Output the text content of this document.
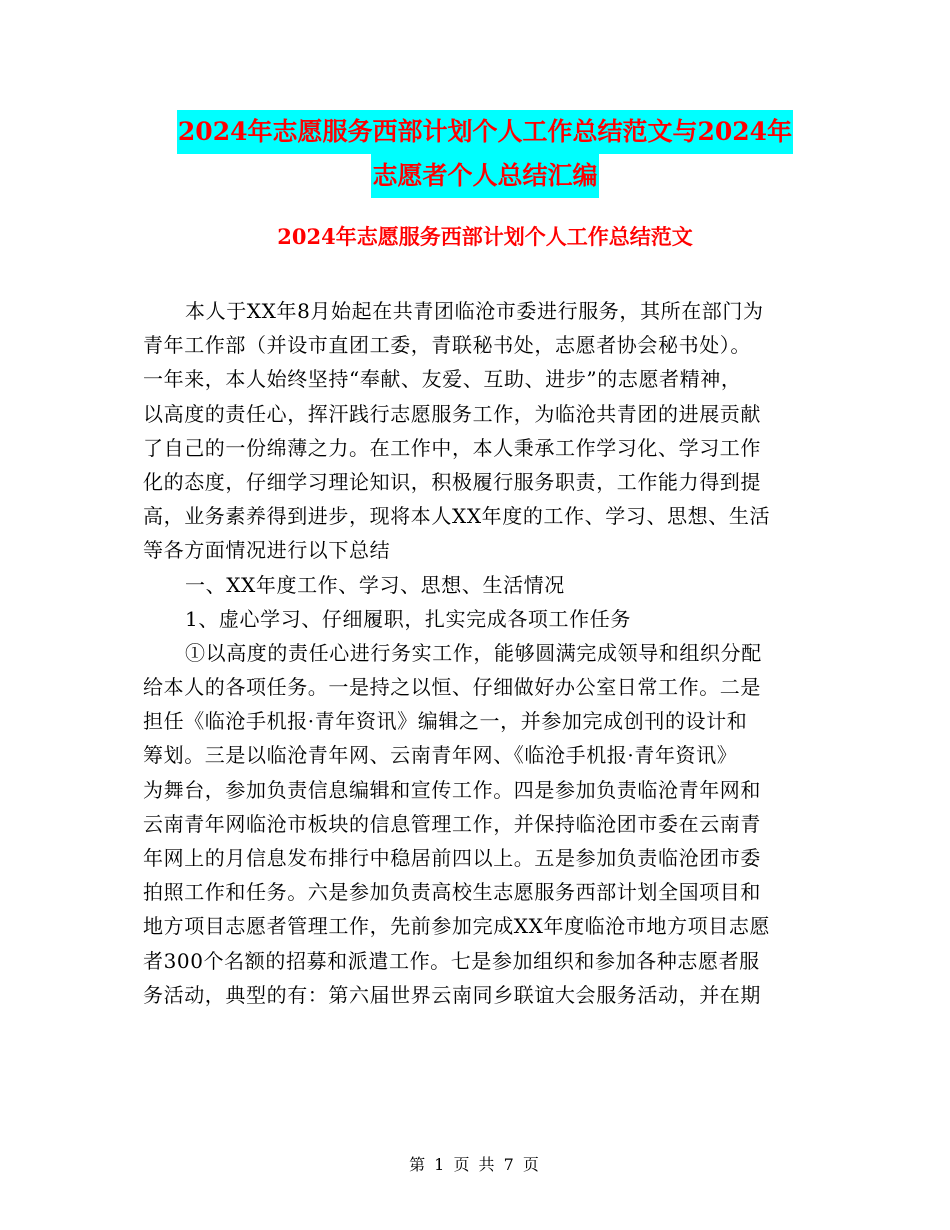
2024年志愿服务西部计划个人工作总结范文与2024年
志愿者个人总结汇编
2024年志愿服务西部计划个人工作总结范文
本人于XX年8月始起在共青团临沧市委进行服务，其所在部门为
青年工作部（并设市直团工委，青联秘书处，志愿者协会秘书处）。
一年来，本人始终坚持“奉献、友爱、互助、进步”的志愿者精神，
以高度的责任心，挥汗践行志愿服务工作，为临沧共青团的进展贡献
了自己的一份绵薄之力。在工作中，本人秉承工作学习化、学习工作
化的态度，仔细学习理论知识，积极履行服务职责，工作能力得到提
高，业务素养得到进步，现将本人XX年度的工作、学习、思想、生活
等各方面情况进行以下总结
一、XX年度工作、学习、思想、生活情况
1、虚心学习、仔细履职，扎实完成各项工作任务
①以高度的责任心进行务实工作，能够圆满完成领导和组织分配
给本人的各项任务。一是持之以恒、仔细做好办公室日常工作。二是
担任《临沧手机报·青年资讯》编辑之一，并参加完成创刊的设计和
筹划。三是以临沧青年网、云南青年网、《临沧手机报·青年资讯》
为舞台，参加负责信息编辑和宣传工作。四是参加负责临沧青年网和
云南青年网临沧市板块的信息管理工作，并保持临沧团市委在云南青
年网上的月信息发布排行中稳居前四以上。五是参加负责临沧团市委
拍照工作和任务。六是参加负责高校生志愿服务西部计划全国项目和
地方项目志愿者管理工作，先前参加完成XX年度临沧市地方项目志愿
者300个名额的招募和派遣工作。七是参加组织和参加各种志愿者服
务活动，典型的有：第六届世界云南同乡联谊大会服务活动，并在期
第 1 页 共 7 页
